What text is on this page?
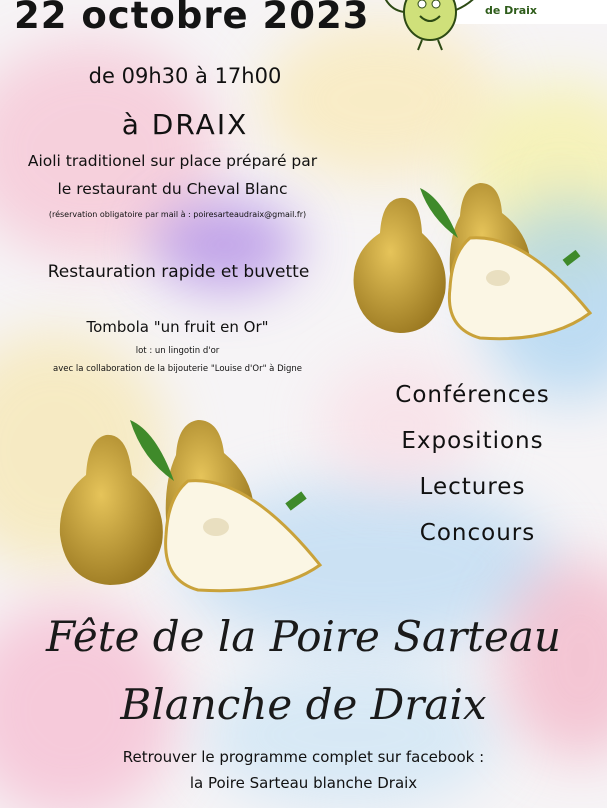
de Draix
22 octobre 2023
de 09h30 à 17h00
à DRAIX
Aioli traditionel sur place préparé par
le restaurant du Cheval Blanc
(réservation obligatoire par mail à : poiresarteaudraix@gmail.fr)
Restauration rapide et buvette
Tombola "un fruit en Or"
lot : un lingotin d'or
avec la collaboration de la bijouterie "Louise d'Or" à Digne
Conférences
Expositions
Lectures
Concours
Fête de la Poire Sarteau
Blanche de Draix
Retrouver le programme complet sur facebook :
la Poire Sarteau blanche Draix
